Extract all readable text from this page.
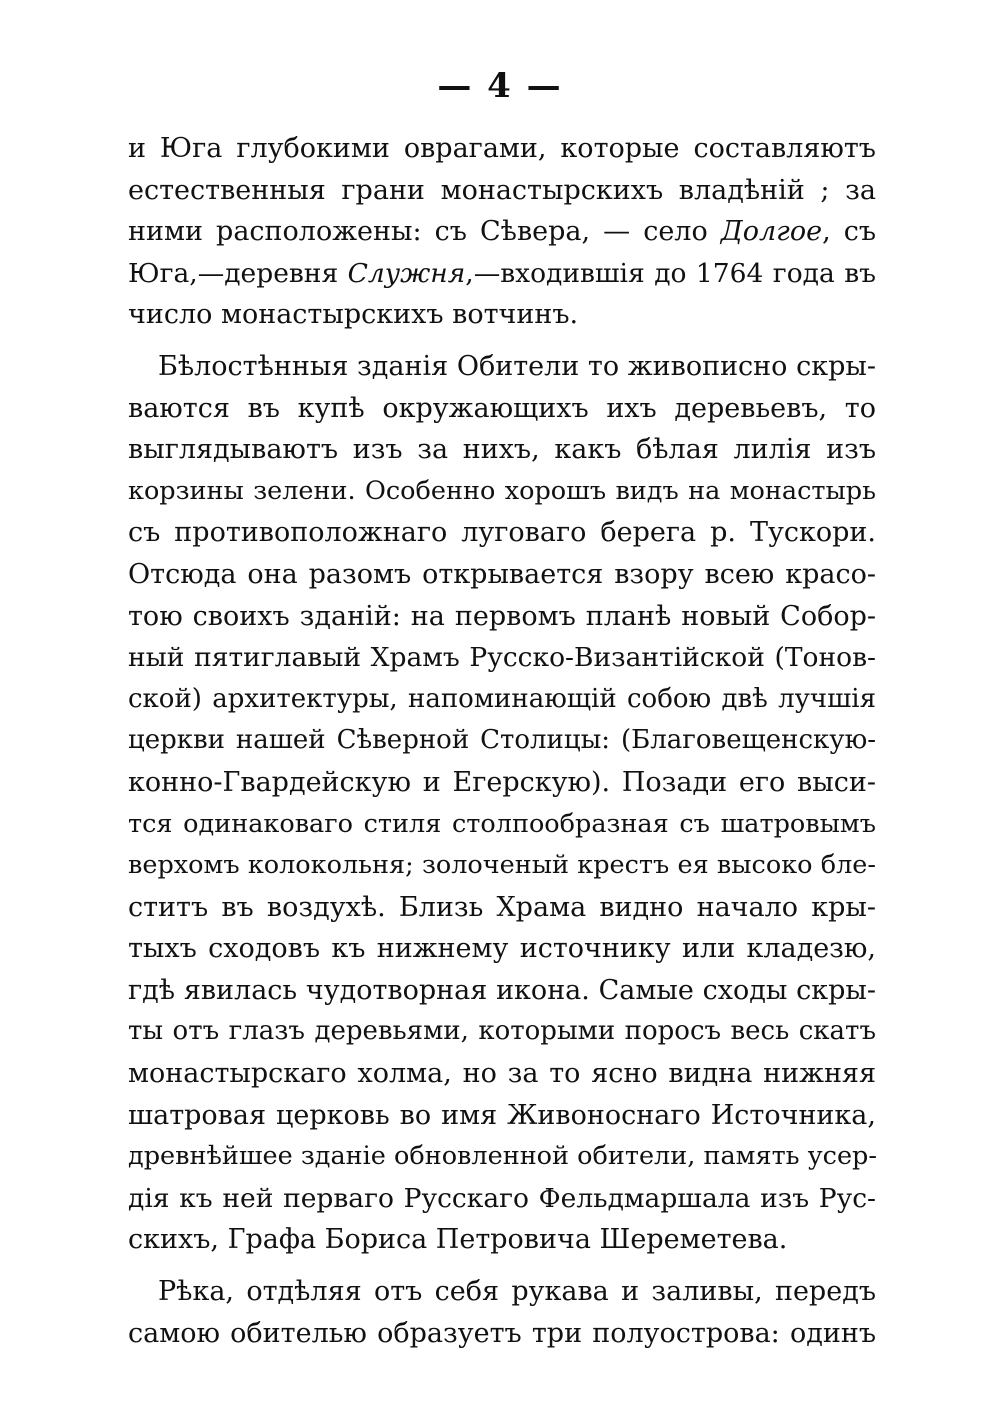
— 4 —
и Юга глубокими оврагами, которые составляютъ
естественныя грани монастырскихъ владѣній ; за
ними расположены: съ Сѣвера, — село Долгое, съ
Юга,—деревня Служня,—входившія до 1764 года въ
число монастырскихъ вотчинъ.
Бѣлостѣнныя зданія Обители то живописно скры-
ваются въ купѣ окружающихъ ихъ деревьевъ, то
выглядываютъ изъ за нихъ, какъ бѣлая лилія изъ
корзины зелени. Особенно хорошъ видъ на монастырь
съ противоположнаго луговаго берега р. Тускори.
Отсюда она разомъ открывается взору всею красо-
тою своихъ зданій: на первомъ планѣ новый Собор-
ный пятиглавый Храмъ Русско-Византійской (Тонов-
ской) архитектуры, напоминающій собою двѣ лучшія
церкви нашей Сѣверной Столицы: (Благовещенскую-
конно-Гвардейскую и Егерскую). Позади его выси-
тся одинаковаго стиля столпообразная съ шатровымъ
верхомъ колокольня; золоченый крестъ ея высоко бле-
ститъ въ воздухѣ. Близь Храма видно начало кры-
тыхъ сходовъ къ нижнему источнику или кладезю,
гдѣ явилась чудотворная икона. Самые сходы скры-
ты отъ глазъ деревьями, которыми поросъ весь скатъ
монастырскаго холма, но за то ясно видна нижняя
шатровая церковь во имя Живоноснаго Источника,
древнѣйшее зданіе обновленной обители, память усер-
дія къ ней перваго Русскаго Фельдмаршала изъ Рус-
скихъ, Графа Бориса Петровича Шереметева.
Рѣка, отдѣляя отъ себя рукава и заливы, передъ
самою обителью образуетъ три полуострова: одинъ
